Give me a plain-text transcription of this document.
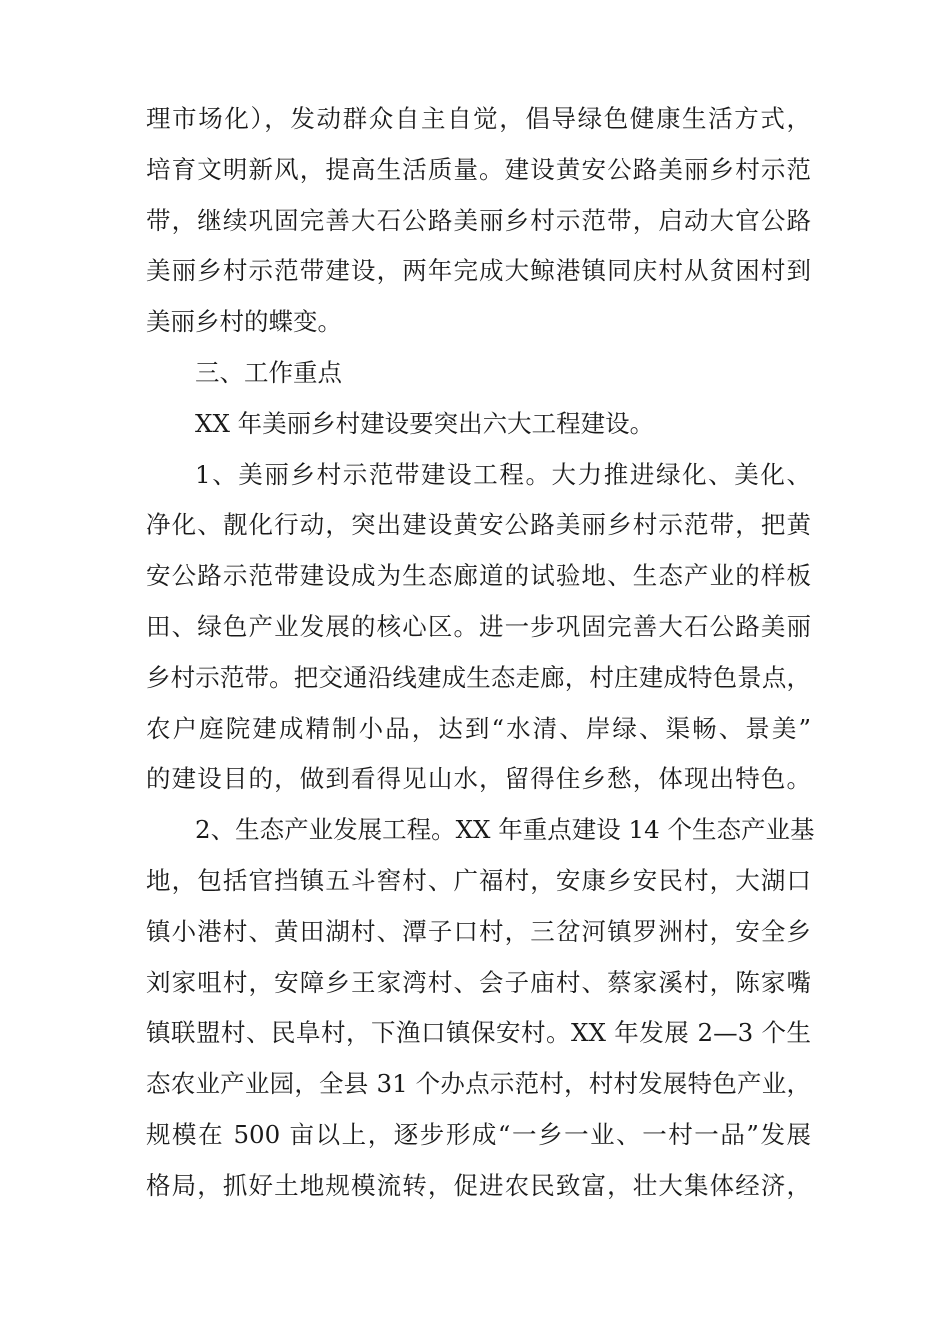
理市场化），发动群众自主自觉，倡导绿色健康生活方式，
培育文明新风，提高生活质量。建设黄安公路美丽乡村示范
带，继续巩固完善大石公路美丽乡村示范带，启动大官公路
美丽乡村示范带建设，两年完成大鲸港镇同庆村从贫困村到
美丽乡村的蝶变。
三、工作重点
XX 年美丽乡村建设要突出六大工程建设。
1、美丽乡村示范带建设工程。大力推进绿化、美化、
净化、靓化行动，突出建设黄安公路美丽乡村示范带，把黄
安公路示范带建设成为生态廊道的试验地、生态产业的样板
田、绿色产业发展的核心区。进一步巩固完善大石公路美丽
乡村示范带。把交通沿线建成生态走廊，村庄建成特色景点，
农户庭院建成精制小品，达到“水清、岸绿、渠畅、景美”
的建设目的，做到看得见山水，留得住乡愁，体现出特色。
2、生态产业发展工程。XX 年重点建设 14 个生态产业基
地，包括官挡镇五斗窖村、广福村，安康乡安民村，大湖口
镇小港村、黄田湖村、潭子口村，三岔河镇罗洲村，安全乡
刘家咀村，安障乡王家湾村、会子庙村、蔡家溪村，陈家嘴
镇联盟村、民阜村，下渔口镇保安村。XX 年发展 2—3 个生
态农业产业园，全县 31 个办点示范村，村村发展特色产业，
规模在 500 亩以上，逐步形成“一乡一业、一村一品”发展
格局，抓好土地规模流转，促进农民致富，壮大集体经济，
